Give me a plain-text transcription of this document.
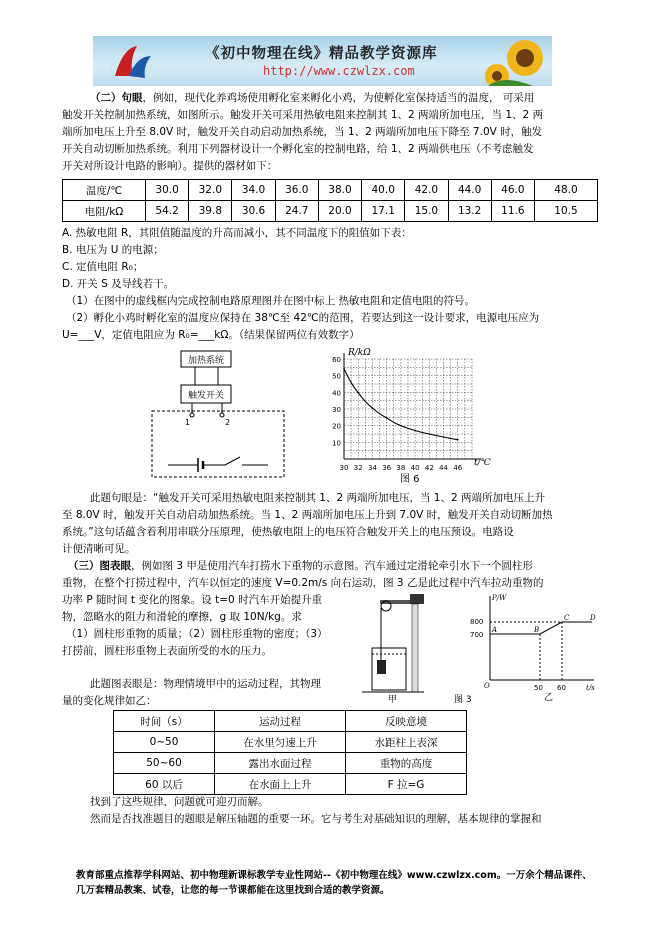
《初中物理在线》精品教学资源库
http://www.czwlzx.com
（二）句眼，例如，现代化养鸡场使用孵化室来孵化小鸡，为使孵化室保持适当的温度， 可采用
触发开关控制加热系统，如图所示。触发开关可采用热敏电阻来控制其 1、2 两端所加电压，当 1、2 两
端所加电压上升至 8.0V 时，触发开关自动启动加热系统，当 1、2 两端所加电压下降至 7.0V 时，触发
开关自动切断加热系统。利用下列器材设计一个孵化室的控制电路，给 1、2 两端供电压（不考虑触发
开关对所设计电路的影响）。提供的器材如下：
温度/℃	30.0	32.0	34.0	36.0	38.0	40.0	42.0	44.0	46.0	48.0
电阻/kΩ	54.2	39.8	30.6	24.7	20.0	17.1	15.0	13.2	11.6	10.5
A. 热敏电阻 R，其阻值随温度的升高而减小，其不同温度下的阻值如下表：
B. 电压为 U 的电源；
C. 定值电阻 R₀；
D. 开关 S 及导线若干。
（1）在图中的虚线框内完成控制电路原理图并在图中标上 热敏电阻和定值电阻的符号。
（2）孵化小鸡时孵化室的温度应保持在 38℃至 42℃的范围，若要达到这一设计要求，电源电压应为
U=___V，定值电阻应为 R₀=___kΩ。（结果保留两位有效数字）
加热系统
触发开关
1	2
10
20
30
40
50
60
30 32 34 36 38 40 42 44 46
R/kΩ
t/℃
图 6
此题句眼是：“触发开关可采用热敏电阻来控制其 1、2 两端所加电压，当 1、2 两端所加电压上升
至 8.0V 时，触发开关自动启动加热系统。当 1、2 两端所加电压上升到 7.0V 时，触发开关自动切断加热
系统。”这句话蕴含着利用串联分压原理，使热敏电阻上的电压符合触发开关上的电压预设。电路设
计便清晰可见。
（三）图表眼，例如图 3 甲是使用汽车打捞水下重物的示意图。汽车通过定滑轮牵引水下一个圆柱形
重物，在整个打捞过程中，汽车以恒定的速度 V=0.2m/s 向右运动，图 3 乙是此过程中汽车拉动重物的
功率 P 随时间 t 变化的图象。设 t=0 时汽车开始提升重
物，忽略水的阻力和滑轮的摩擦，g 取 10N/kg。求
（1）圆柱形重物的质量；（2）圆柱形重物的密度；（3）
打捞前，圆柱形重物上表面所受的水的压力。
甲	图 3
P/W
t/s
O
800
700
A	B
C	D
50 60
乙
此题图表眼是：物理情境甲中的运动过程，其物理
量的变化规律如乙：
时间（s）	运动过程	反映意境
0~50	在水里匀速上升	水距柱上表深
50~60	露出水面过程	重物的高度
60 以后	在水面上上升	F 拉=G
找到了这些规律，问题就可迎刃而解。
然而是否找准题目的题眼是解压轴题的重要一环。它与考生对基础知识的理解，基本规律的掌握和
教育部重点推荐学科网站、初中物理新课标教学专业性网站--《初中物理在线》www.czwlzx.com。一万余个精品课件、
几万套精品教案、试卷，让您的每一节课都能在这里找到合适的教学资源。
